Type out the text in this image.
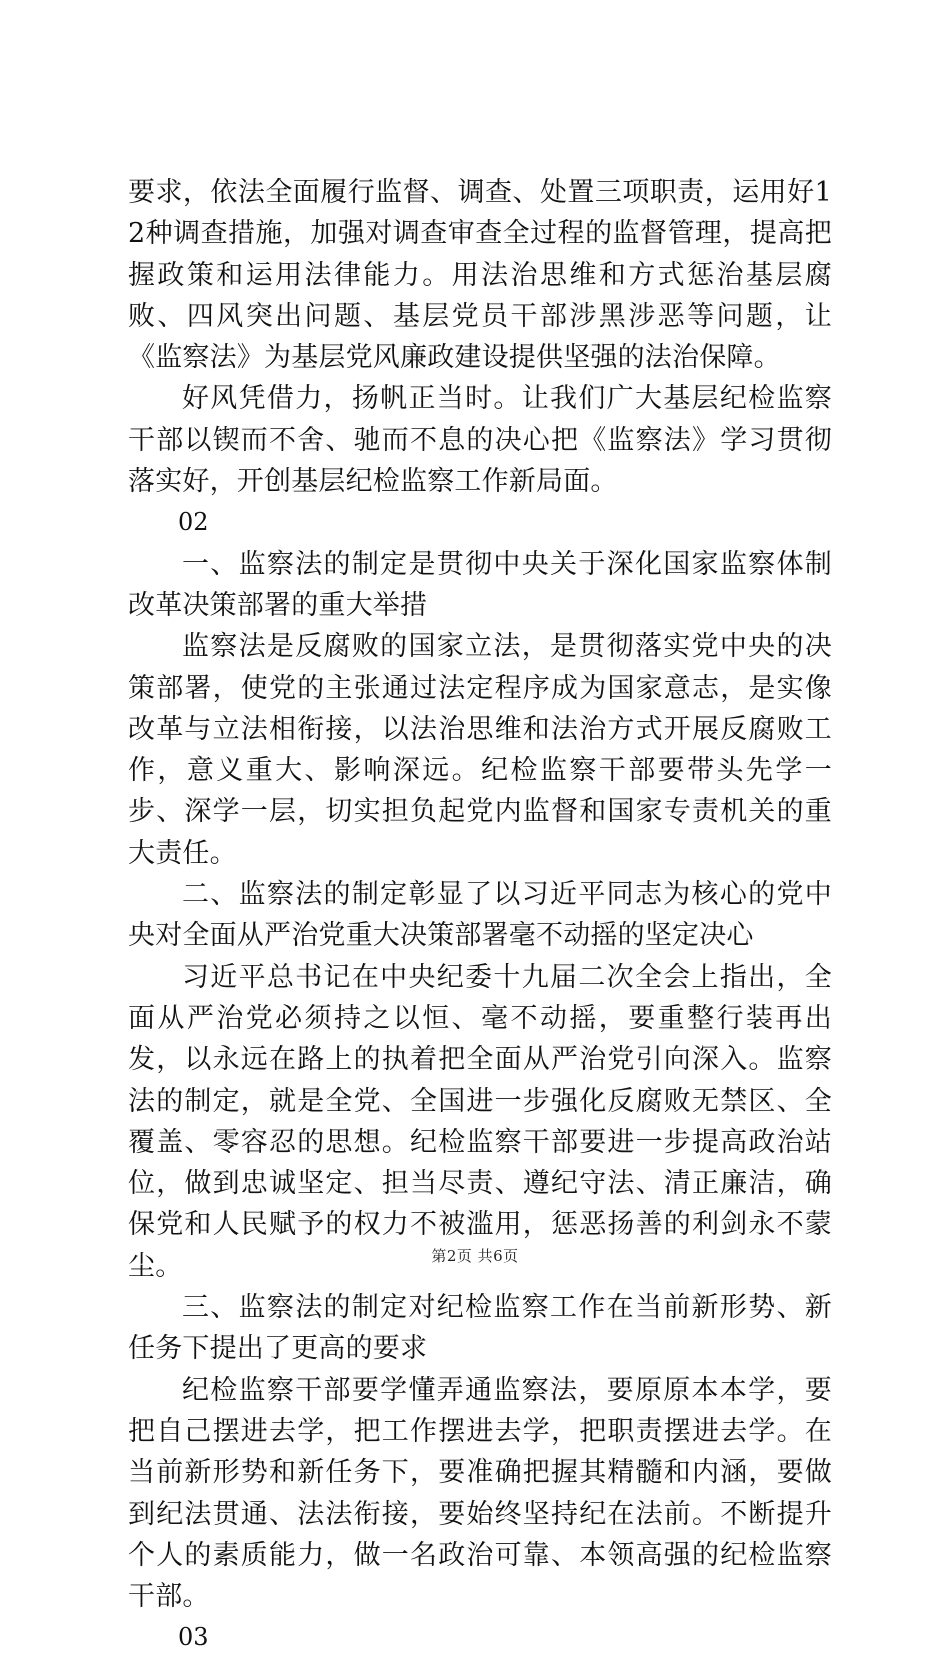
要求，依法全面履行监督、调查、处置三项职责，运用好12种调查措施，加强对调查审查全过程的监督管理，提高把握政策和运用法律能力。用法治思维和方式惩治基层腐败、四风突出问题、基层党员干部涉黑涉恶等问题，让《监察法》为基层党风廉政建设提供坚强的法治保障。

好风凭借力，扬帆正当时。让我们广大基层纪检监察干部以锲而不舍、驰而不息的决心把《监察法》学习贯彻落实好，开创基层纪检监察工作新局面。

02

一、监察法的制定是贯彻中央关于深化国家监察体制改革决策部署的重大举措

监察法是反腐败的国家立法，是贯彻落实党中央的决策部署，使党的主张通过法定程序成为国家意志，是实像改革与立法相衔接，以法治思维和法治方式开展反腐败工作，意义重大、影响深远。纪检监察干部要带头先学一步、深学一层，切实担负起党内监督和国家专责机关的重大责任。

二、监察法的制定彰显了以习近平同志为核心的党中央对全面从严治党重大决策部署毫不动摇的坚定决心

习近平总书记在中央纪委十九届二次全会上指出，全面从严治党必须持之以恒、毫不动摇，要重整行装再出发，以永远在路上的执着把全面从严治党引向深入。监察法的制定，就是全党、全国进一步强化反腐败无禁区、全覆盖、零容忍的思想。纪检监察干部要进一步提高政治站位，做到忠诚坚定、担当尽责、遵纪守法、清正廉洁，确保党和人民赋予的权力不被滥用，惩恶扬善的利剑永不蒙尘。

三、监察法的制定对纪检监察工作在当前新形势、新任务下提出了更高的要求

纪检监察干部要学懂弄通监察法，要原原本本学，要把自己摆进去学，把工作摆进去学，把职责摆进去学。在当前新形势和新任务下，要准确把握其精髓和内涵，要做到纪法贯通、法法衔接，要始终坚持纪在法前。不断提升个人的素质能力，做一名政治可靠、本领高强的纪检监察干部。

03

第2页 共6页
